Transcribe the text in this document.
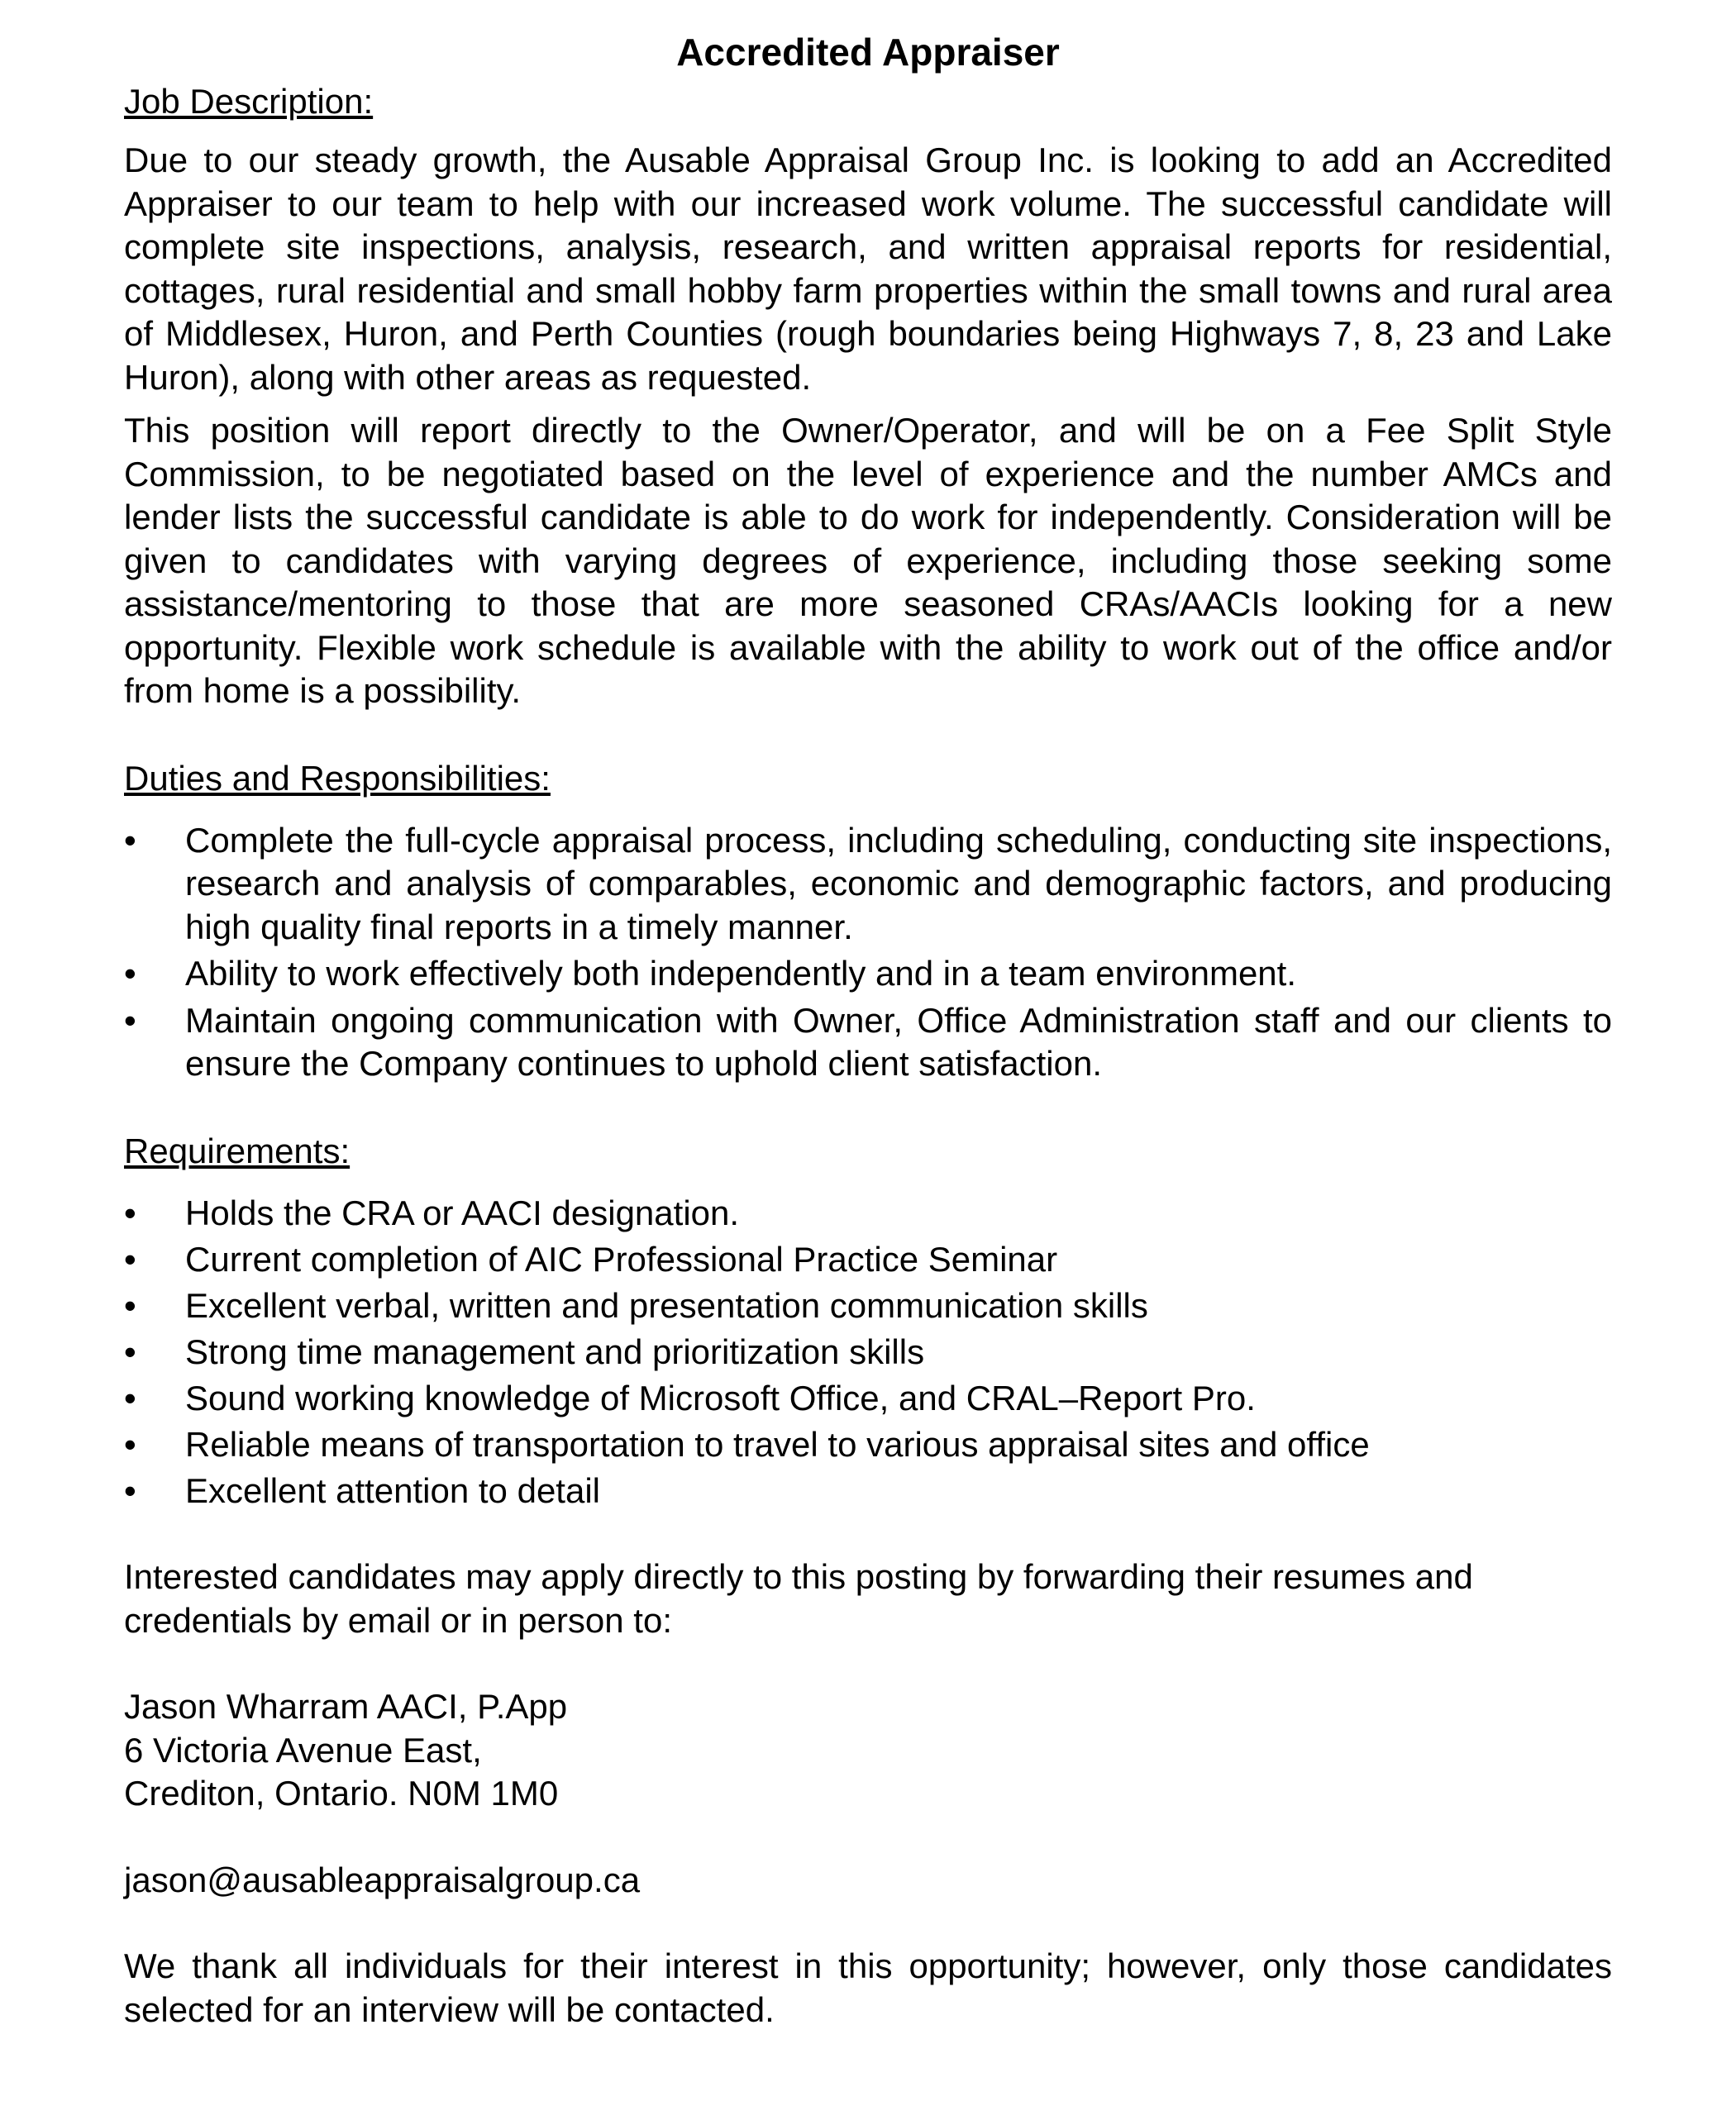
Accredited Appraiser
Job Description:

Due to our steady growth, the Ausable Appraisal Group Inc. is looking to add an Accredited Appraiser to our team to help with our increased work volume. The successful candidate will complete site inspections, analysis, research, and written appraisal reports for residential, cottages, rural residential and small hobby farm properties within the small towns and rural area of Middlesex, Huron, and Perth Counties (rough boundaries being Highways 7, 8, 23 and Lake Huron), along with other areas as requested.

This position will report directly to the Owner/Operator, and will be on a Fee Split Style Commission, to be negotiated based on the level of experience and the number AMCs and lender lists the successful candidate is able to do work for independently. Consideration will be given to candidates with varying degrees of experience, including those seeking some assistance/mentoring to those that are more seasoned CRAs/AACIs looking for a new opportunity. Flexible work schedule is available with the ability to work out of the office and/or from home is a possibility.

Duties and Responsibilities:
•	Complete the full-cycle appraisal process, including scheduling, conducting site inspections, research and analysis of comparables, economic and demographic factors, and producing high quality final reports in a timely manner.
•	Ability to work effectively both independently and in a team environment.
•	Maintain ongoing communication with Owner, Office Administration staff and our clients to ensure the Company continues to uphold client satisfaction.
Requirements:
•	Holds the CRA or AACI designation.
•	Current completion of AIC Professional Practice Seminar
•	Excellent verbal, written and presentation communication skills
•	Strong time management and prioritization skills
•	Sound working knowledge of Microsoft Office, and CRAL–Report Pro.
•	Reliable means of transportation to travel to various appraisal sites and office
•	Excellent attention to detail

Interested candidates may apply directly to this posting by forwarding their resumes and credentials by email or in person to:

Jason Wharram AACI, P.App
6 Victoria Avenue East,
Crediton, Ontario. N0M 1M0
jason@ausableappraisalgroup.ca

We thank all individuals for their interest in this opportunity; however, only those candidates selected for an interview will be contacted.
